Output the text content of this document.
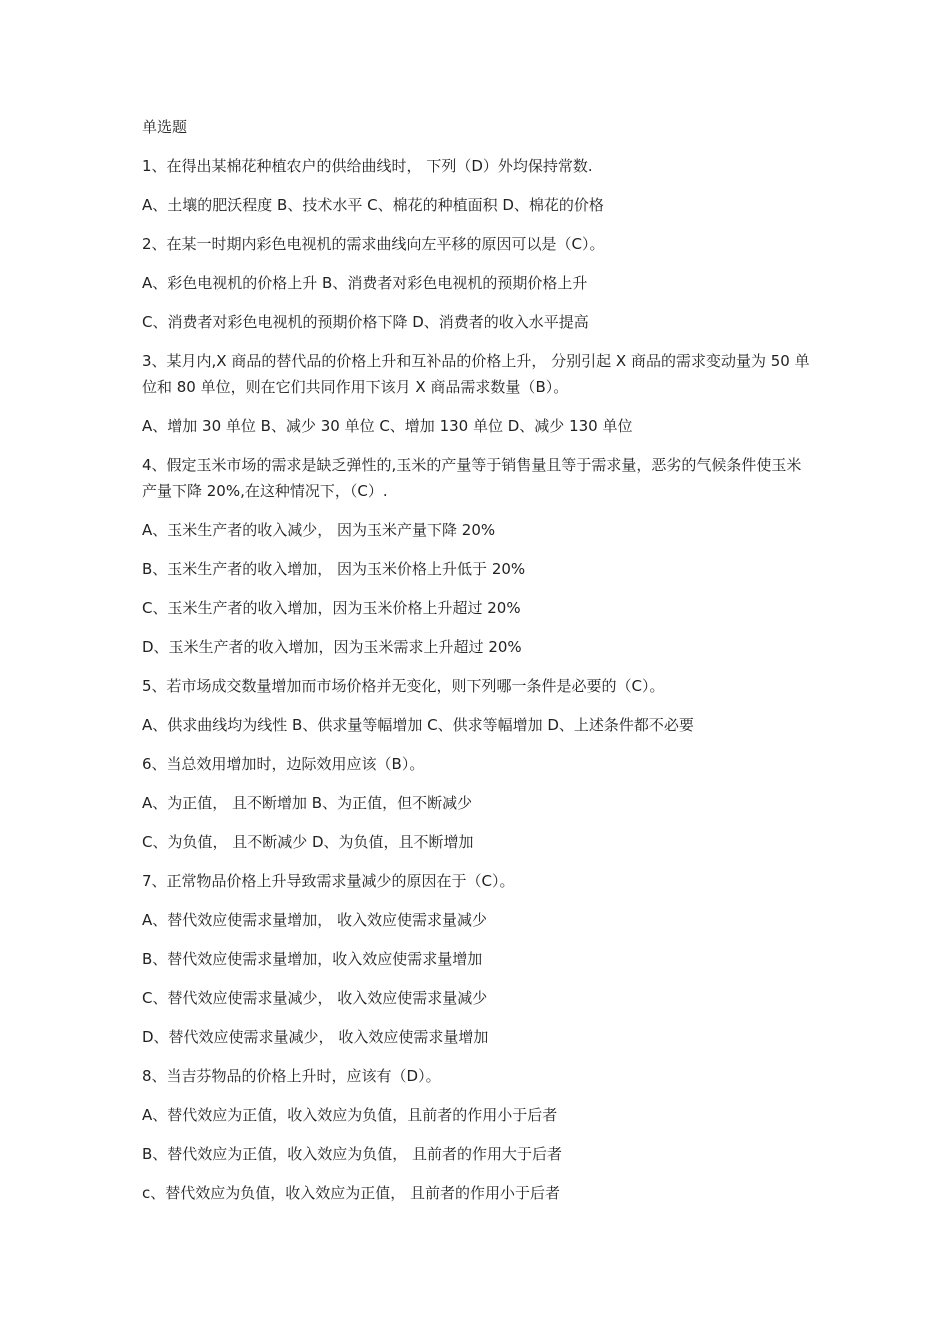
单选题

1、在得出某棉花种植农户的供给曲线时， 下列（D）外均保持常数.

A、土壤的肥沃程度 B、技术水平 C、棉花的种植面积 D、棉花的价格

2、在某一时期内彩色电视机的需求曲线向左平移的原因可以是（C）。

A、彩色电视机的价格上升 B、消费者对彩色电视机的预期价格上升

C、消费者对彩色电视机的预期价格下降 D、消费者的收入水平提高

3、某月内,X 商品的替代品的价格上升和互补品的价格上升， 分别引起 X 商品的需求变动量为 50 单位和 80 单位，则在它们共同作用下该月 X 商品需求数量（B）。

A、增加 30 单位 B、减少 30 单位 C、增加 130 单位 D、减少 130 单位

4、假定玉米市场的需求是缺乏弹性的,玉米的产量等于销售量且等于需求量，恶劣的气候条件使玉米产量下降 20%,在这种情况下，（C）.

A、玉米生产者的收入减少， 因为玉米产量下降 20%

B、玉米生产者的收入增加， 因为玉米价格上升低于 20%

C、玉米生产者的收入增加，因为玉米价格上升超过 20%

D、玉米生产者的收入增加，因为玉米需求上升超过 20%

5、若市场成交数量增加而市场价格并无变化，则下列哪一条件是必要的（C）。

A、供求曲线均为线性 B、供求量等幅增加 C、供求等幅增加 D、上述条件都不必要

6、当总效用增加时，边际效用应该（B）。

A、为正值， 且不断增加 B、为正值，但不断减少

C、为负值， 且不断减少 D、为负值，且不断增加

7、正常物品价格上升导致需求量减少的原因在于（C）。

A、替代效应使需求量增加， 收入效应使需求量减少

B、替代效应使需求量增加，收入效应使需求量增加

C、替代效应使需求量减少， 收入效应使需求量减少

D、替代效应使需求量减少， 收入效应使需求量增加

8、当吉芬物品的价格上升时，应该有（D）。

A、替代效应为正值，收入效应为负值，且前者的作用小于后者

B、替代效应为正值，收入效应为负值， 且前者的作用大于后者

c、替代效应为负值，收入效应为正值， 且前者的作用小于后者
